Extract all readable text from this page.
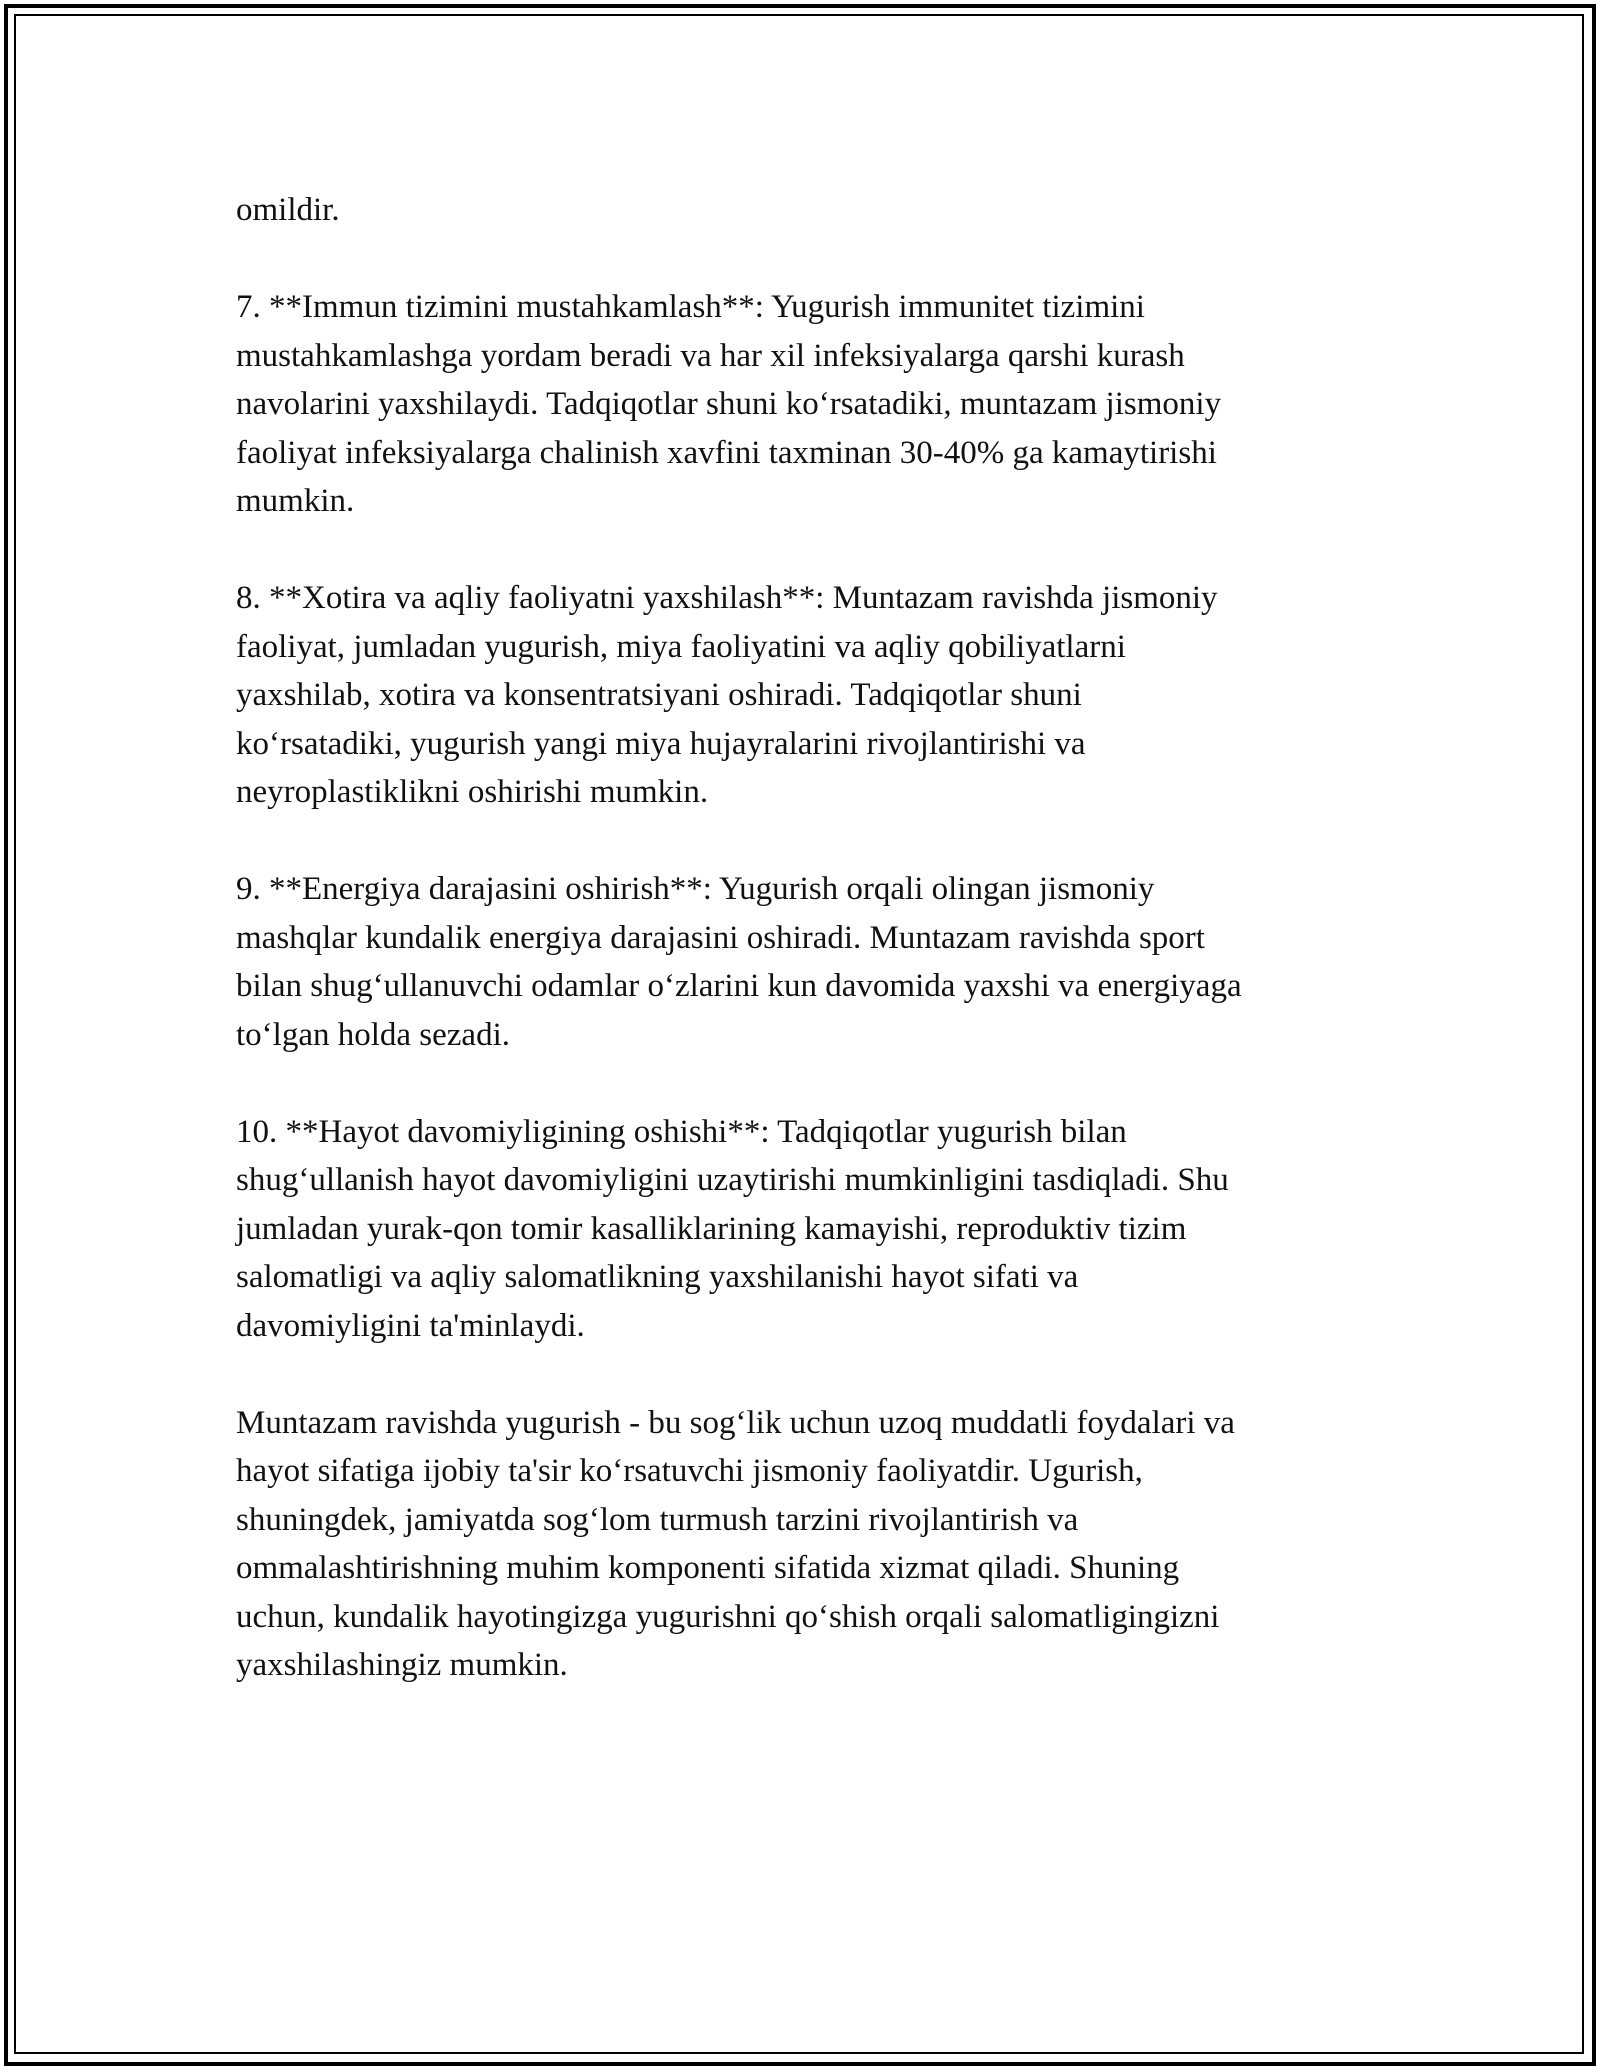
omildir.

7. **Immun tizimini mustahkamlash**: Yugurish immunitet tizimini
mustahkamlashga yordam beradi va har xil infeksiyalarga qarshi kurash
navolarini yaxshilaydi. Tadqiqotlar shuni ko‘rsatadiki, muntazam jismoniy
faoliyat infeksiyalarga chalinish xavfini taxminan 30-40% ga kamaytirishi
mumkin.

8. **Xotira va aqliy faoliyatni yaxshilash**: Muntazam ravishda jismoniy
faoliyat, jumladan yugurish, miya faoliyatini va aqliy qobiliyatlarni
yaxshilab, xotira va konsentratsiyani oshiradi. Tadqiqotlar shuni
ko‘rsatadiki, yugurish yangi miya hujayralarini rivojlantirishi va
neyroplastiklikni oshirishi mumkin.

9. **Energiya darajasini oshirish**: Yugurish orqali olingan jismoniy
mashqlar kundalik energiya darajasini oshiradi. Muntazam ravishda sport
bilan shug‘ullanuvchi odamlar o‘zlarini kun davomida yaxshi va energiyaga
to‘lgan holda sezadi.

10. **Hayot davomiyligining oshishi**: Tadqiqotlar yugurish bilan
shug‘ullanish hayot davomiyligini uzaytirishi mumkinligini tasdiqladi. Shu
jumladan yurak-qon tomir kasalliklarining kamayishi, reproduktiv tizim
salomatligi va aqliy salomatlikning yaxshilanishi hayot sifati va
davomiyligini ta'minlaydi.

Muntazam ravishda yugurish - bu sog‘lik uchun uzoq muddatli foydalari va
hayot sifatiga ijobiy ta'sir ko‘rsatuvchi jismoniy faoliyatdir. Ugurish,
shuningdek, jamiyatda sog‘lom turmush tarzini rivojlantirish va
ommalashtirishning muhim komponenti sifatida xizmat qiladi. Shuning
uchun, kundalik hayotingizga yugurishni qo‘shish orqali salomatligingizni
yaxshilashingiz mumkin.
